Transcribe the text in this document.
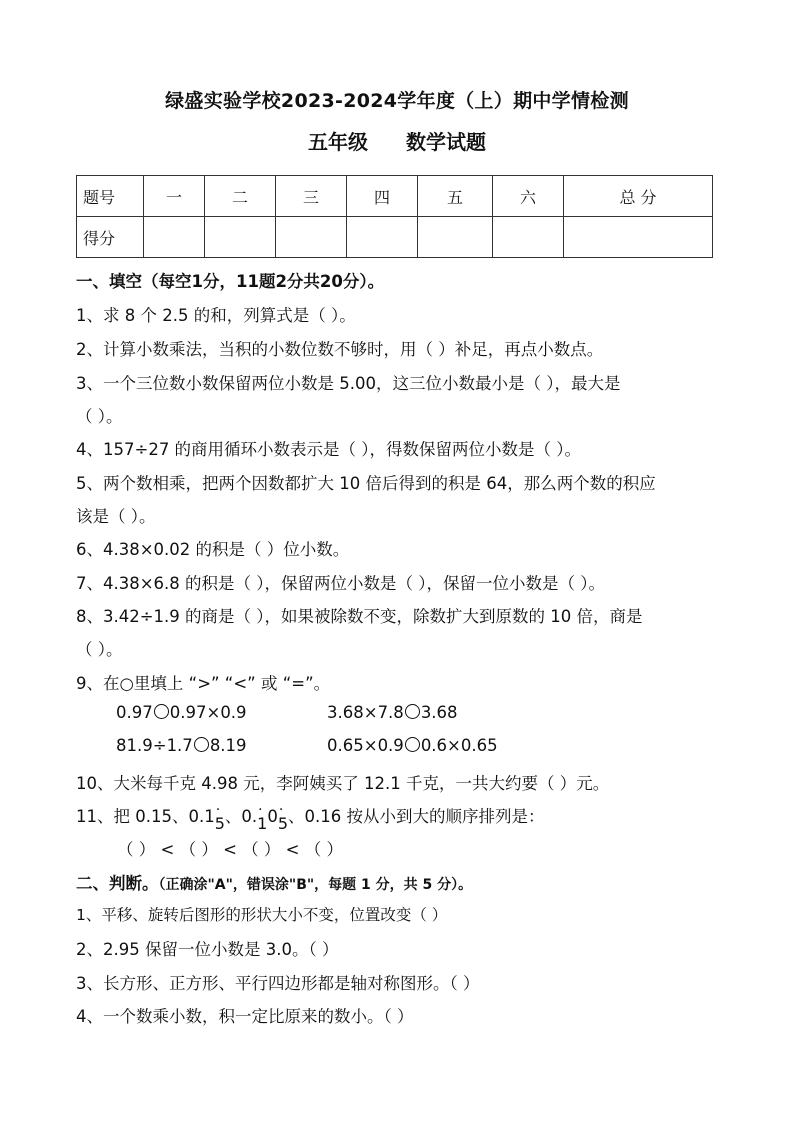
绿盛实验学校2023-2024学年度（上）期中学情检测
五年级 数学试题
题号	一	二	三	四	五	六	总 分
得分							
一、填空（每空1分，11题2分共20分）。
1、求 8 个 2.5 的和，列算式是（ ）。
2、计算小数乘法，当积的小数位数不够时，用（ ）补足，再点小数点。
3、一个三位数小数保留两位小数是 5.00，这三位小数最小是（ ），最大是
（ ）。
4、157÷27 的商用循环小数表示是（ ），得数保留两位小数是（ ）。
5、两个数相乘，把两个因数都扩大 10 倍后得到的积是 64，那么两个数的积应
该是（ ）。
6、4.38×0.02 的积是（ ）位小数。
7、4.38×6.8 的积是（ ），保留两位小数是（ ），保留一位小数是（ ）。
8、3.42÷1.9 的商是（ ），如果被除数不变，除数扩大到原数的 10 倍，商是
（ ）。
9、在○里填上 “>” “<” 或 “=”。
0.97 0.97×0.9	3.68×7.8 3.68
81.9÷1.7 8.19	0.65×0.9 0.6×0.65
10、大米每千克 4.98 元，李阿姨买了 12.1 千克，一共大约要（ ）元。
11、把 0.15、0.1· 5、0.· 10· 5、0.16 按从小到大的顺序排列是：
（ ） < （ ） < （ ） < （ ）
二、判断。（正确涂"A"，错误涂"B"，每题 1 分，共 5 分）。
1、平移、旋转后图形的形状大小不变，位置改变（ ）
2、2.95 保留一位小数是 3.0。（ ）
3、长方形、正方形、平行四边形都是轴对称图形。（ ）
4、一个数乘小数，积一定比原来的数小。（ ）
